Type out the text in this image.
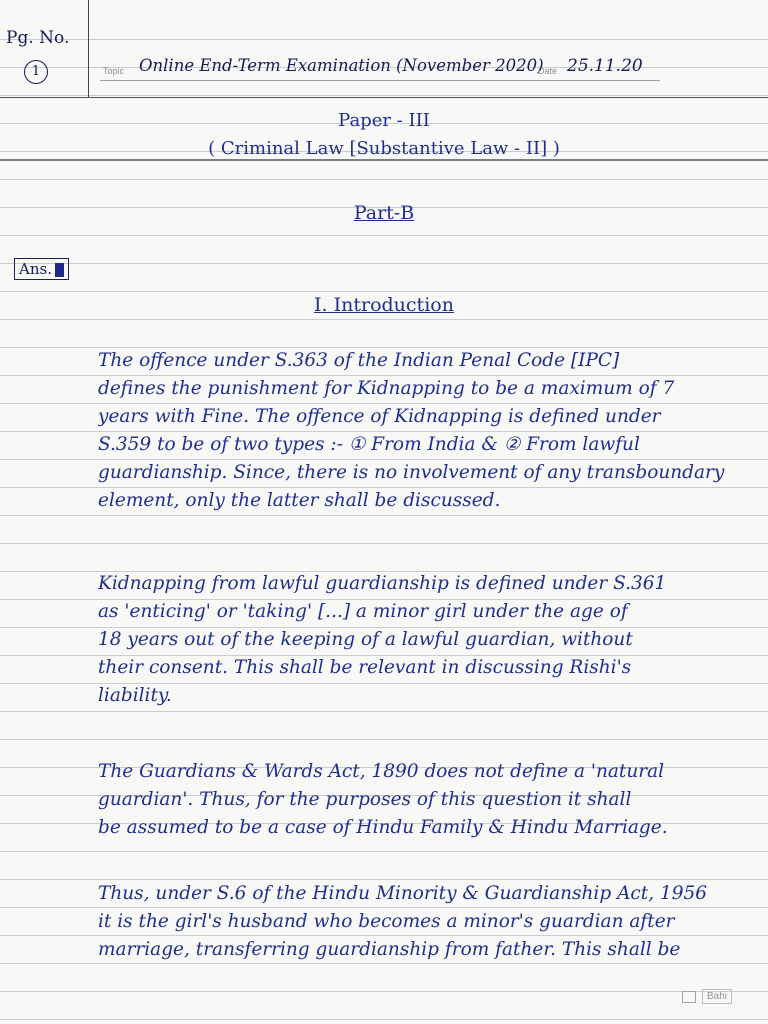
Pg. No.
1	Topic Online End-Term Examination (November 2020)
Date 25.11.20
Paper - III
( Criminal Law [Substantive Law - II] )
Part-B
Ans.
I. Introduction
The offence under S.363 of the Indian Penal Code [IPC]
defines the punishment for Kidnapping to be a maximum of 7
years with Fine. The offence of Kidnapping is defined under
S.359 to be of two types :- ① From India & ② From lawful
guardianship. Since, there is no involvement of any transboundary
element, only the latter shall be discussed.
Kidnapping from lawful guardianship is defined under S.361
as 'enticing' or 'taking' [...] a minor girl under the age of
18 years out of the keeping of a lawful guardian, without
their consent. This shall be relevant in discussing Rishi's
liability.
The Guardians & Wards Act, 1890 does not define a 'natural
guardian'. Thus, for the purposes of this question it shall
be assumed to be a case of Hindu Family & Hindu Marriage.
Thus, under S.6 of the Hindu Minority & Guardianship Act, 1956
it is the girl's husband who becomes a minor's guardian after
marriage, transferring guardianship from father. This shall be
Bahi
